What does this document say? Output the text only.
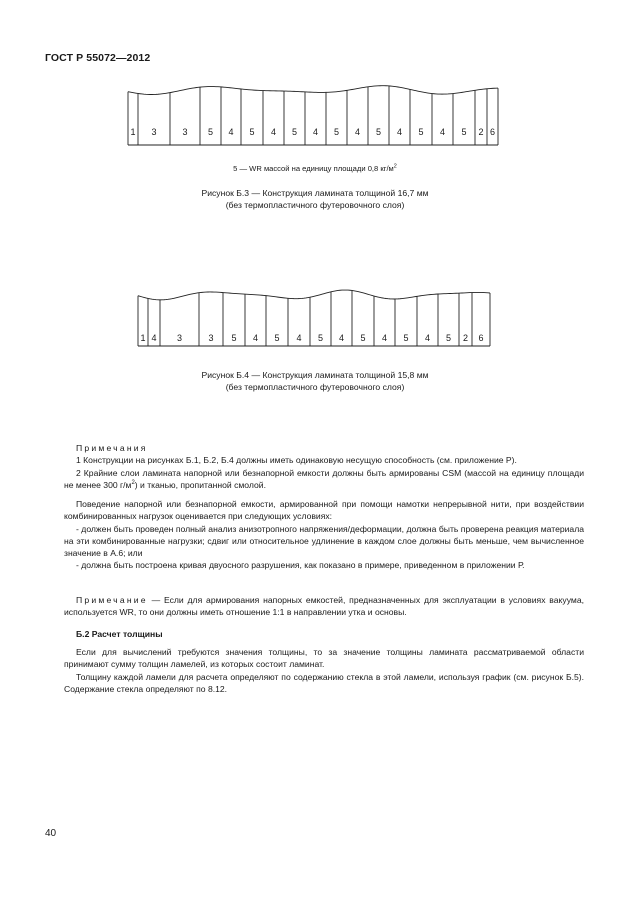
ГОСТ Р 55072—2012
1 3	3 5 4 5 4 5 4 5 4 5 4 5 4 5 2 6
5 — WR массой на единицу площади 0,8 $кг/м^2$
Рисунок Б.3 — Конструкция ламината толщиной 16,7 мм
(без термопластичного футеровочного слоя)
1 4 3	3 5 4 5 4 5 4 5 4 5 4 5 2 6
Рисунок Б.4 — Конструкция ламината толщиной 15,8 мм
(без термопластичного футеровочного слоя)

Примечания

1 Конструкции на рисунках Б.1, Б.2, Б.4 должны иметь одинаковую несущую способность (см. приложение Р).

2 Крайние слои ламината напорной или безнапорной емкости должны быть армированы CSM (массой на единицу площади не менее 300 $г/м^2$) и тканью, пропитанной смолой.

Поведение напорной или безнапорной емкости, армированной при помощи намотки непрерывной нити, при воздействии комбинированных нагрузок оценивается при следующих условиях:

- должен быть проведен полный анализ анизотропного напряжения/деформации, должна быть проверена реакция материала на эти комбинированные нагрузки; сдвиг или относительное удлинение в каждом слое должны быть меньше, чем вычисленное значение в А.6; или

- должна быть построена кривая двуосного разрушения, как показано в примере, приведенном в приложении Р.

Примечание — Если для армирования напорных емкостей, предназначенных для эксплуатации в условиях вакуума, используется WR, то они должны иметь отношение 1:1 в направлении утка и основы.

Б.2 Расчет толщины

Если для вычислений требуются значения толщины, то за значение толщины ламината рассматриваемой области принимают сумму толщин ламелей, из которых состоит ламинат.

Толщину каждой ламели для расчета определяют по содержанию стекла в этой ламели, используя график (см. рисунок Б.5). Содержание стекла определяют по 8.12.

40
